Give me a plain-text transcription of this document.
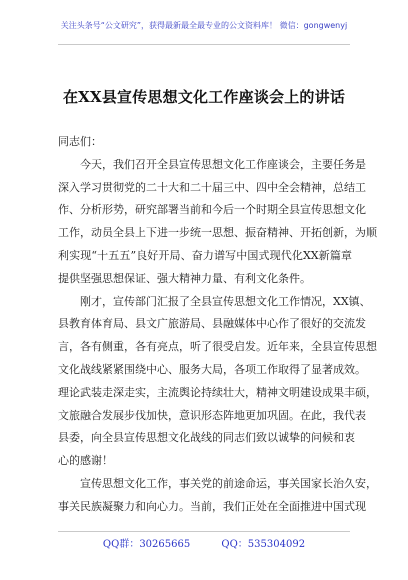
关注头条号“公文研究”，获得最新最全最专业的公文资料库！ 微信：gongwenyj
在XX县宣传思想文化工作座谈会上的讲话
同志们：
今天，我们召开全县宣传思想文化工作座谈会，主要任务是
深入学习贯彻党的二十大和二十届三中、四中全会精神，总结工
作、分析形势，研究部署当前和今后一个时期全县宣传思想文化
工作，动员全县上下进一步统一思想、振奋精神、开拓创新，为顺
利实现“十五五”良好开局、奋力谱写中国式现代化XX新篇章
提供坚强思想保证、强大精神力量、有利文化条件。
刚才，宣传部门汇报了全县宣传思想文化工作情况，XX镇、
县教育体育局、县文广旅游局、县融媒体中心作了很好的交流发
言，各有侧重，各有亮点，听了很受启发。近年来，全县宣传思想
文化战线紧紧围绕中心、服务大局，各项工作取得了显著成效。
理论武装走深走实，主流舆论持续壮大，精神文明建设成果丰硕，
文旅融合发展步伐加快，意识形态阵地更加巩固。在此，我代表
县委，向全县宣传思想文化战线的同志们致以诚挚的问候和衷
心的感谢！
宣传思想文化工作，事关党的前途命运，事关国家长治久安，
事关民族凝聚力和向心力。当前，我们正处在全面推进中国式现
QQ群：30265665	QQ：535304092
